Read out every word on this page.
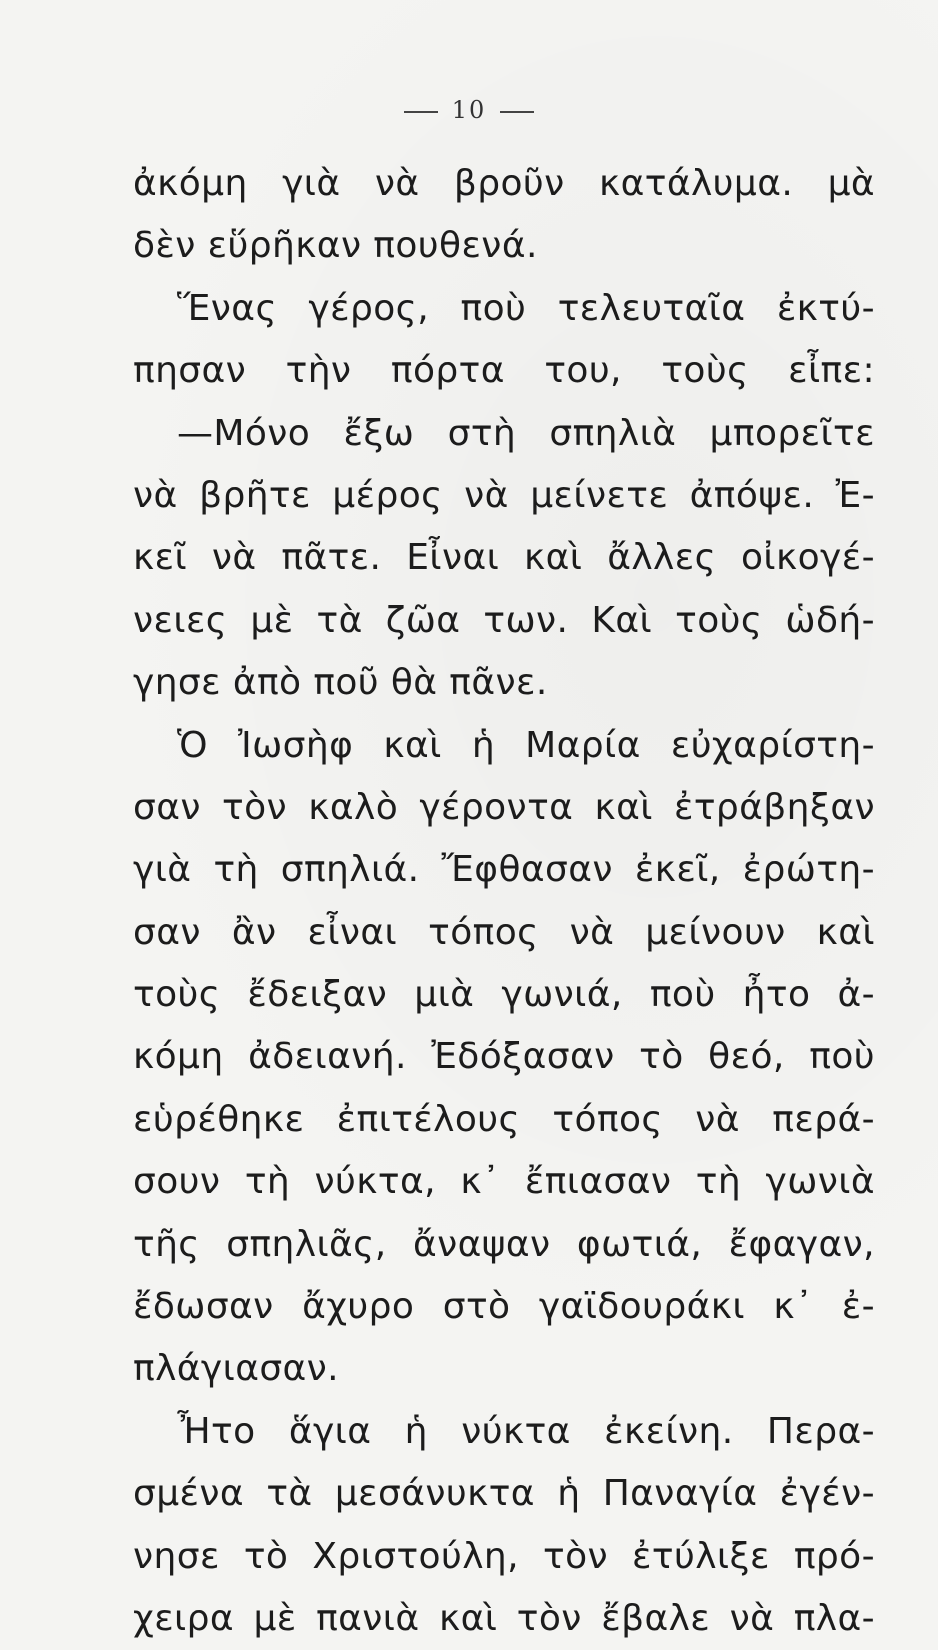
10
ἀκόμη γιὰ νὰ βροῦν κατάλυμα. μὰ
δὲν εὕρῆκαν πουθενά.
Ἕνας γέρος, ποὺ τελευταῖα ἐκτύ-
πησαν τὴν πόρτα του, τοὺς εἶπε:
—Μόνο ἔξω στὴ σπηλιὰ μπορεῖτε
νὰ βρῆτε μέρος νὰ μείνετε ἀπόψε. Ἐ-
κεῖ νὰ πᾶτε. Εἶναι καὶ ἄλλες οἰκογέ-
νειες μὲ τὰ ζῶα των. Καὶ τοὺς ὡδή-
γησε ἀπὸ ποῦ θὰ πᾶνε.
Ὁ Ἰωσὴφ καὶ ἡ Μαρία εὐχαρίστη-
σαν τὸν καλὸ γέροντα καὶ ἐτράβηξαν
γιὰ τὴ σπηλιά. Ἔφθασαν ἐκεῖ, ἐρώτη-
σαν ἂν εἶναι τόπος νὰ μείνουν καὶ
τοὺς ἔδειξαν μιὰ γωνιά, ποὺ ἦτο ἀ-
κόμη ἀδειανή. Ἐδόξασαν τὸ θεό, ποὺ
εὑρέθηκε ἐπιτέλους τόπος νὰ περά-
σουν τὴ νύκτα, κ᾽ ἔπιασαν τὴ γωνιὰ
τῆς σπηλιᾶς, ἄναψαν φωτιά, ἔφαγαν,
ἔδωσαν ἄχυρο στὸ γαϊδουράκι κ᾽ ἐ-
πλάγιασαν.
Ἦτο ἅγια ἡ νύκτα ἐκείνη. Περα-
σμένα τὰ μεσάνυκτα ἡ Παναγία ἐγέν-
νησε τὸ Χριστούλη, τὸν ἐτύλιξε πρό-
χειρα μὲ πανιὰ καὶ τὸν ἔβαλε νὰ πλα-
